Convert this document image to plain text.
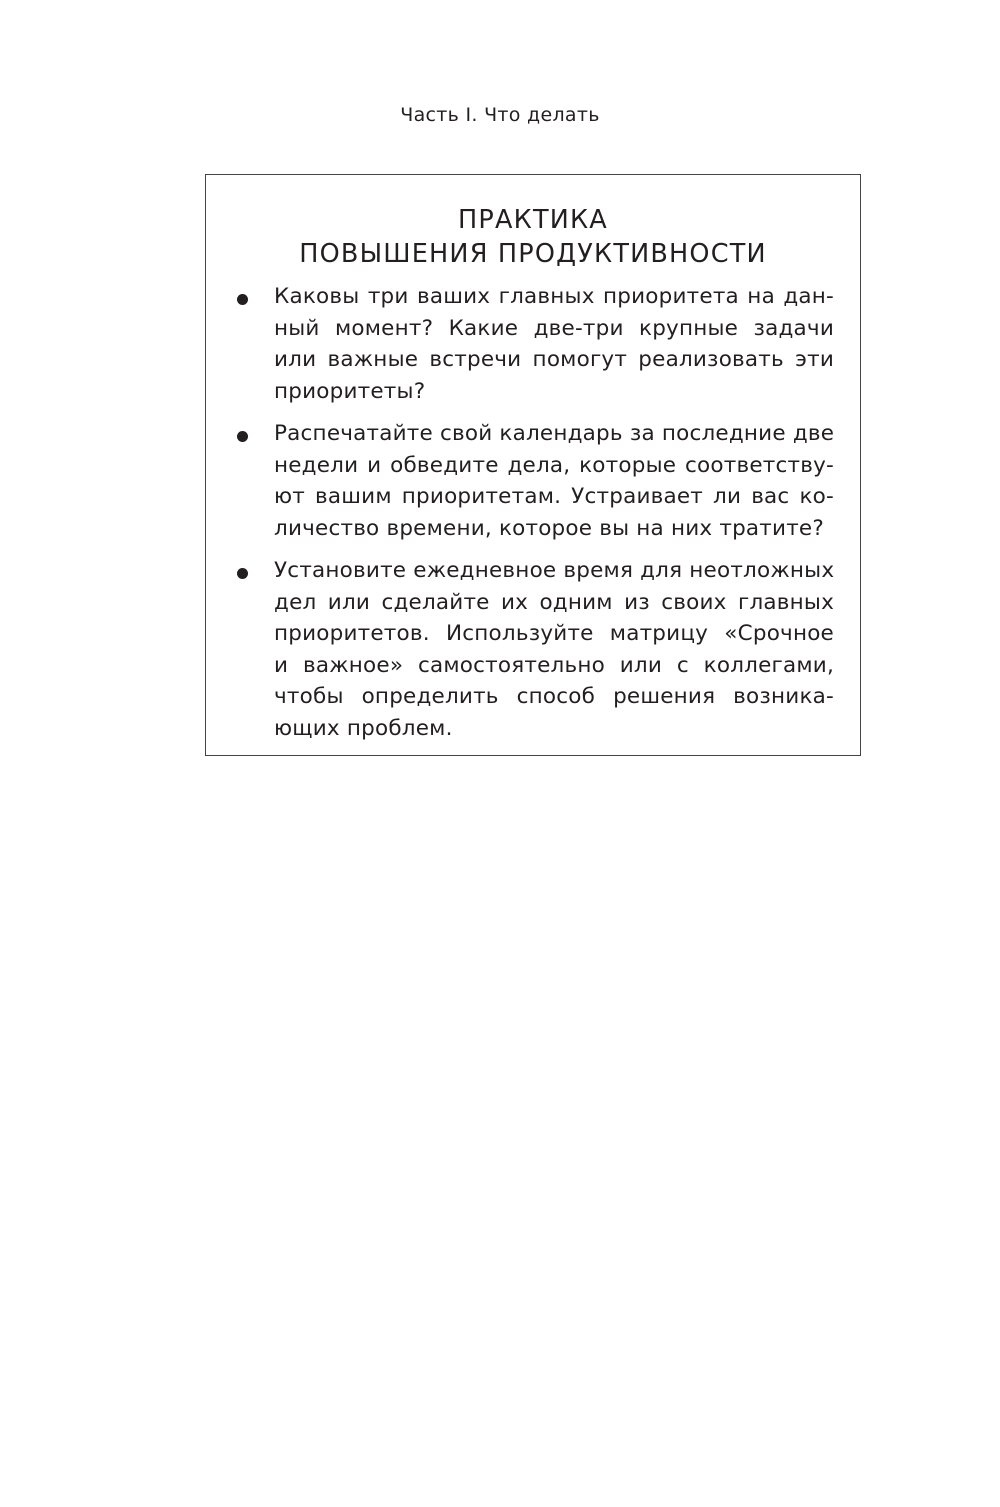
Часть I. Что делать
ПРАКТИКА
ПОВЫШЕНИЯ ПРОДУКТИВНОСТИ
Каковы три ваших главных приоритета на дан-
ный момент? Какие две-три крупные задачи
или важные встречи помогут реализовать эти
приоритеты?
Распечатайте свой календарь за последние две
недели и обведите дела, которые соответству-
ют вашим приоритетам. Устраивает ли вас ко-
личество времени, которое вы на них тратите?
Установите ежедневное время для неотложных
дел или сделайте их одним из своих главных
приоритетов. Используйте матрицу «Срочное
и важное» самостоятельно или с коллегами,
чтобы определить способ решения возника-
ющих проблем.
